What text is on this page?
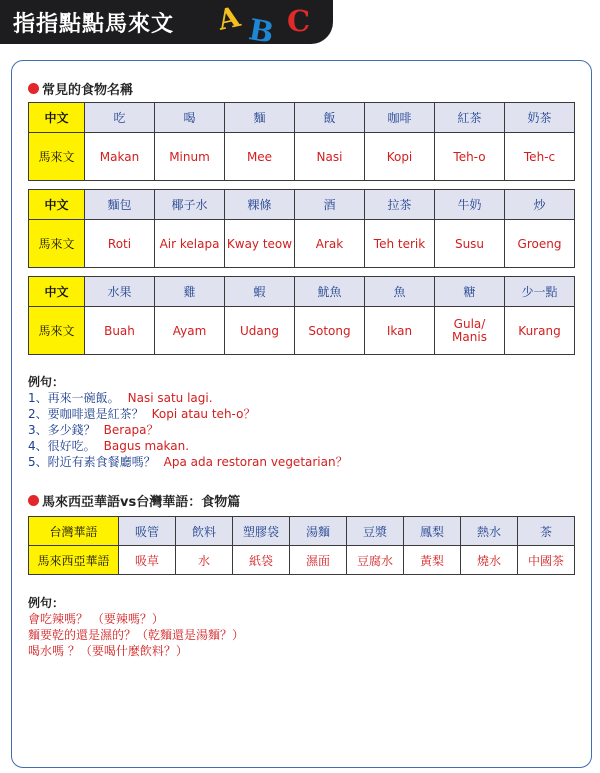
指指點點馬來文 A B C
常見的食物名稱
中文	吃	喝	麵	飯	咖啡	紅茶	奶茶
馬來文	Makan	Minum	Mee	Nasi	Kopi	Teh-o	Teh-c
中文	麵包	椰子水	粿條	酒	拉茶	牛奶	炒
馬來文	Roti	Air kelapa	Kway teow	Arak	Teh terik	Susu	Groeng
中文	水果	雞	蝦	魷魚	魚	糖	少一點
馬來文	Buah	Ayam	Udang	Sotong	Ikan	Gula/ Manis	Kurang
例句：
1、再來一碗飯。 Nasi satu lagi.
2、要咖啡還是紅茶？ Kopi atau teh-o？
3、多少錢？ Berapa？
4、很好吃。 Bagus makan.
5、附近有素食餐廳嗎？ Apa ada restoran vegetarian？
馬來西亞華語vs台灣華語：食物篇
台灣華語	吸管	飲料	塑膠袋	湯麵	豆漿	鳳梨	熱水	茶
馬來西亞華語	吸草	水	紙袋	濕面	豆腐水	黃梨	燒水	中國茶
例句：
會吃辣嗎？ （要辣嗎？）
麵要乾的還是濕的？（乾麵還是湯麵？）
喝水嗎 ？（要喝什麼飲料？）
